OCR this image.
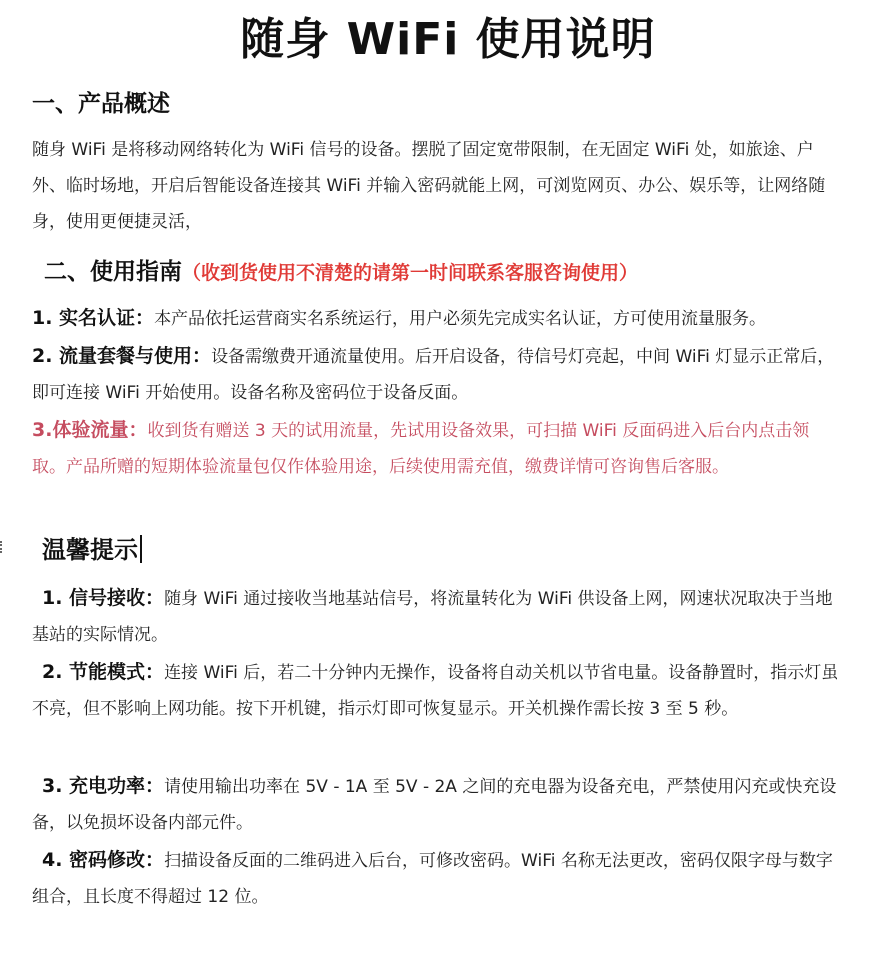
随身 WiFi 使用说明
一、产品概述
随身 WiFi 是将移动网络转化为 WiFi 信号的设备。摆脱了固定宽带限制，在无固定 WiFi 处，如旅途、户外、临时场地，开启后智能设备连接其 WiFi 并输入密码就能上网，可浏览网页、办公、娱乐等，让网络随身，使用更便捷灵活，
二、使用指南（收到货使用不清楚的请第一时间联系客服咨询使用）
1. 实名认证：本产品依托运营商实名系统运行，用户必须先完成实名认证，方可使用流量服务。
2. 流量套餐与使用：设备需缴费开通流量使用。后开启设备，待信号灯亮起，中间 WiFi 灯显示正常后，即可连接 WiFi 开始使用。设备名称及密码位于设备反面。
3.体验流量：收到货有赠送 3 天的试用流量，先试用设备效果，可扫描 WiFi 反面码进入后台内点击领取。产品所赠的短期体验流量包仅作体验用途，后续使用需充值，缴费详情可咨询售后客服。
温馨提示
1. 信号接收：随身 WiFi 通过接收当地基站信号，将流量转化为 WiFi 供设备上网，网速状况取决于当地基站的实际情况。
2. 节能模式：连接 WiFi 后，若二十分钟内无操作，设备将自动关机以节省电量。设备静置时，指示灯虽不亮，但不影响上网功能。按下开机键，指示灯即可恢复显示。开关机操作需长按 3 至 5 秒。
3. 充电功率：请使用输出功率在 5V - 1A 至 5V - 2A 之间的充电器为设备充电，严禁使用闪充或快充设备，以免损坏设备内部元件。
4. 密码修改：扫描设备反面的二维码进入后台，可修改密码。WiFi 名称无法更改，密码仅限字母与数字组合，且长度不得超过 12 位。
